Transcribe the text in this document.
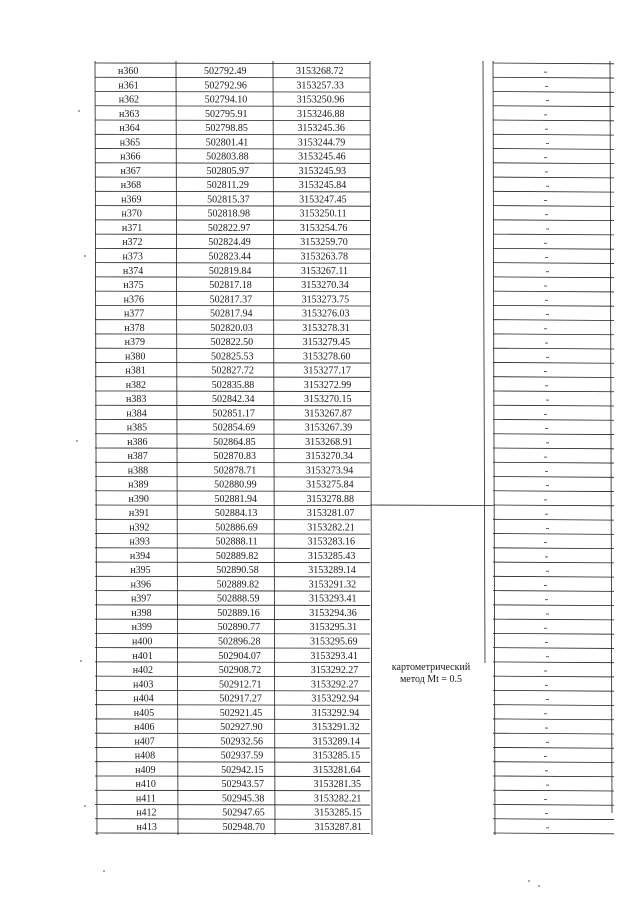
н360	502792.49	3153268.72
н361	502792.96	3153257.33
н362	502794.10	3153250.96
н363	502795.91	3153246.88
н364	502798.85	3153245.36
н365	502801.41	3153244.79
н366	502803.88	3153245.46
н367	502805.97	3153245.93
н368	502811.29	3153245.84
н369	502815.37	3153247.45
н370	502818.98	3153250.11
н371	502822.97	3153254.76
н372	502824.49	3153259.70
н373	502823.44	3153263.78
н374	502819.84	3153267.11
н375	502817.18	3153270.34
н376	502817.37	3153273.75
н377	502817.94	3153276.03
н378	502820.03	3153278.31
н379	502822.50	3153279.45
н380	502825.53	3153278.60
н381	502827.72	3153277.17
н382	502835.88	3153272.99
н383	502842.34	3153270.15
н384	502851.17	3153267.87
н385	502854.69	3153267.39
н386	502864.85	3153268.91
н387	502870.83	3153270.34
н388	502878.71	3153273.94
н389	502880.99	3153275.84
н390	502881.94	3153278.88
н391	502884.13	3153281.07
н392	502886.69	3153282.21
н393	502888.11	3153283.16
н394	502889.82	3153285.43
н395	502890.58	3153289.14
н396	502889.82	3153291.32
н397	502888.59	3153293.41
н398	502889.16	3153294.36
н399	502890.77	3153295.31
н400	502896.28	3153295.69
н401	502904.07	3153293.41
н402	502908.72	3153292.27
н403	502912.71	3153292.27
н404	502917.27	3153292.94
н405	502921.45	3153292.94
н406	502927.90	3153291.32
н407	502932.56	3153289.14
н408	502937.59	3153285.15
н409	502942.15	3153281.64
н410	502943.57	3153281.35
н411	502945.38	3153282.21
н412	502947.65	3153285.15
н413	502948.70	3153287.81
картометрический
метод Mt = 0.5
